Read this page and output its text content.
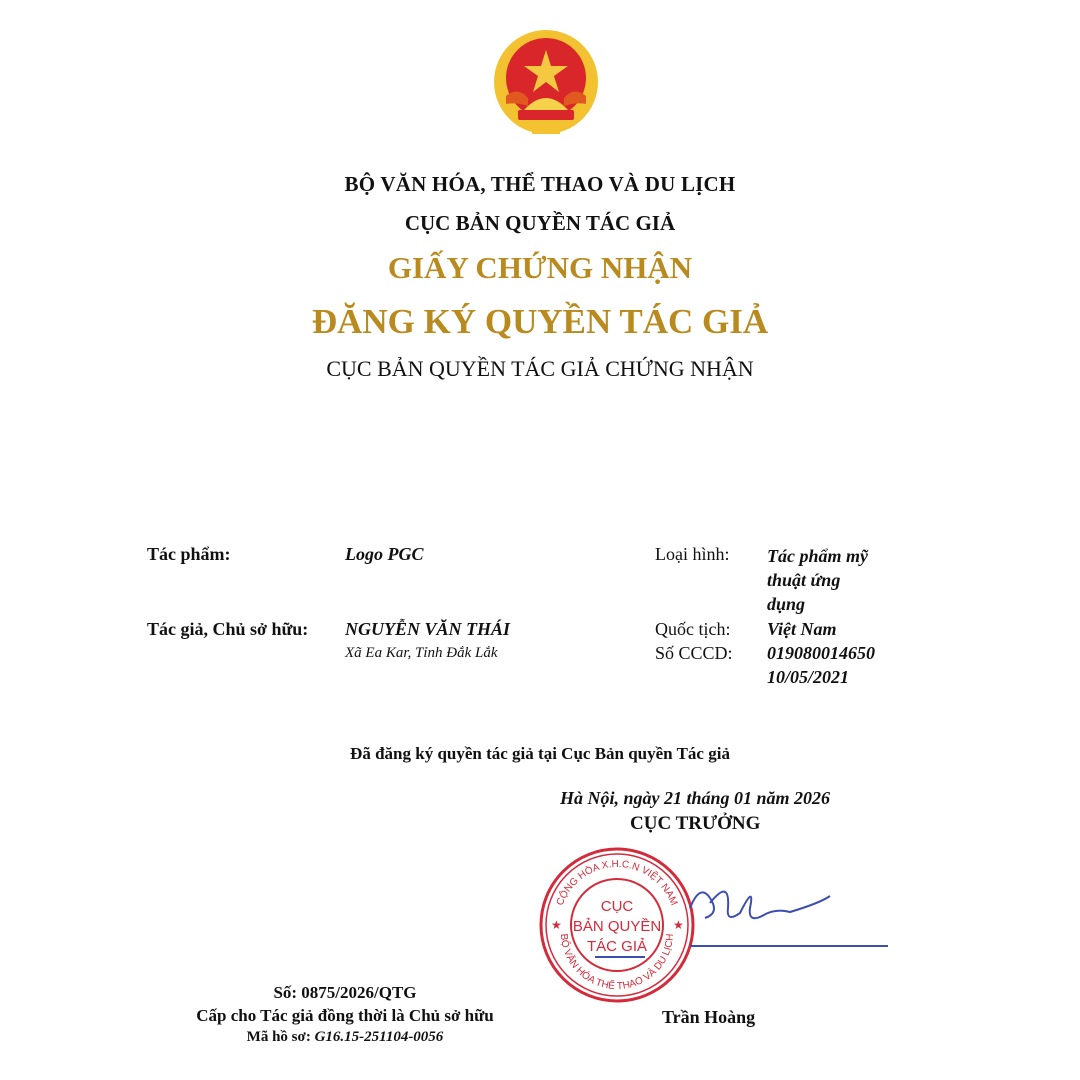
BỘ VĂN HÓA, THỂ THAO VÀ DU LỊCH
CỤC BẢN QUYỀN TÁC GIẢ
GIẤY CHỨNG NHẬN
ĐĂNG KÝ QUYỀN TÁC GIẢ
CỤC BẢN QUYỀN TÁC GIẢ CHỨNG NHẬN
Tác phẩm:	Logo PGC
Tác giả, Chủ sở hữu: NGUYỄN VĂN THÁI
Xã Ea Kar, Tỉnh Đắk Lắk
Loại hình: Tác phẩm mỹ
thuật ứng
dụng
Quốc tịch: Việt Nam
Số CCCD: 019080014650
10/05/2021
Đã đăng ký quyền tác giả tại Cục Bản quyền Tác giả
Hà Nội, ngày 21 tháng 01 năm 2026
CỤC TRƯỞNG
CỘNG HÒA X.H.C.N VIỆT NAM
BỘ VĂN HÓA THỂ THAO VÀ DU LỊCH
★	★
CỤC
BẢN QUYỀN
TÁC GIẢ
Trần Hoàng
Số: 0875/2026/QTG
Cấp cho Tác giả đồng thời là Chủ sở hữu
Mã hồ sơ: G16.15-251104-0056
